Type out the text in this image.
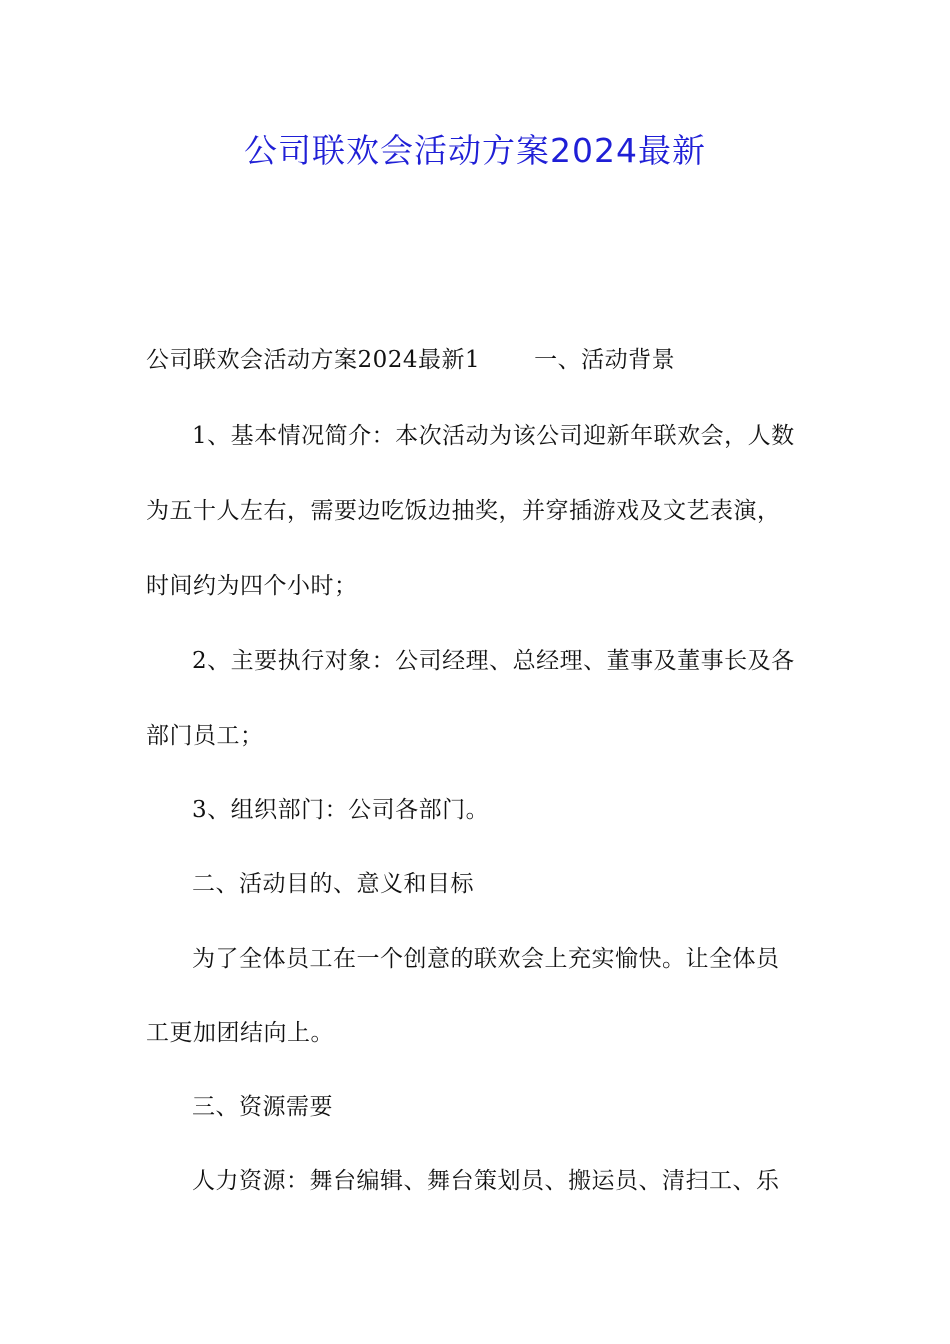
公司联欢会活动方案2024最新

公司联欢会活动方案2024最新1 一、活动背景

1、基本情况简介：本次活动为该公司迎新年联欢会，人数

为五十人左右，需要边吃饭边抽奖，并穿插游戏及文艺表演，

时间约为四个小时；

2、主要执行对象：公司经理、总经理、董事及董事长及各

部门员工；

3、组织部门：公司各部门。

二、活动目的、意义和目标

为了全体员工在一个创意的联欢会上充实愉快。让全体员

工更加团结向上。

三、资源需要

人力资源：舞台编辑、舞台策划员、搬运员、清扫工、乐
